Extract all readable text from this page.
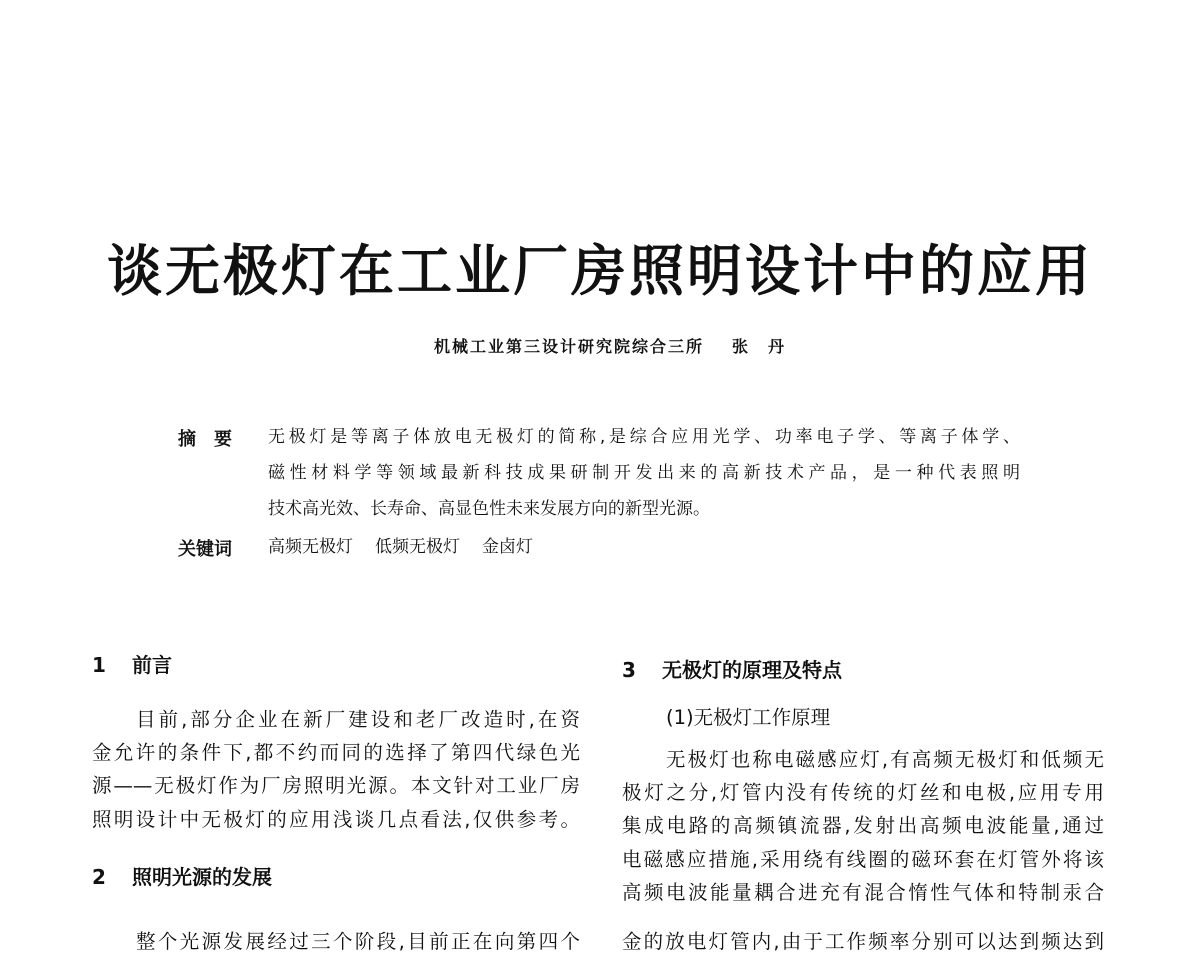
谈无极灯在工业厂房照明设计中的应用
机械工业第三设计研究院综合三所 张　丹
摘　要 无极灯是等离子体放电无极灯的简称,是综合应用光学、功率电子学、等离子体学、
磁性材料学等领域最新科技成果研制开发出来的高新技术产品，是一种代表照明
技术高光效、长寿命、高显色性未来发展方向的新型光源。
关键词 高频无极灯 低频无极灯 金卤灯
1 前言
目前,部分企业在新厂建设和老厂改造时,在资
金允许的条件下,都不约而同的选择了第四代绿色光
源——无极灯作为厂房照明光源。本文针对工业厂房
照明设计中无极灯的应用浅谈几点看法,仅供参考。
2 照明光源的发展
整个光源发展经过三个阶段,目前正在向第四个
3 无极灯的原理及特点
(1)无极灯工作原理
无极灯也称电磁感应灯,有高频无极灯和低频无
极灯之分,灯管内没有传统的灯丝和电极,应用专用
集成电路的高频镇流器,发射出高频电波能量,通过
电磁感应措施,采用绕有线圈的磁环套在灯管外将该
高频电波能量耦合进充有混合惰性气体和特制汞合
金的放电灯管内,由于工作频率分别可以达到频达到
